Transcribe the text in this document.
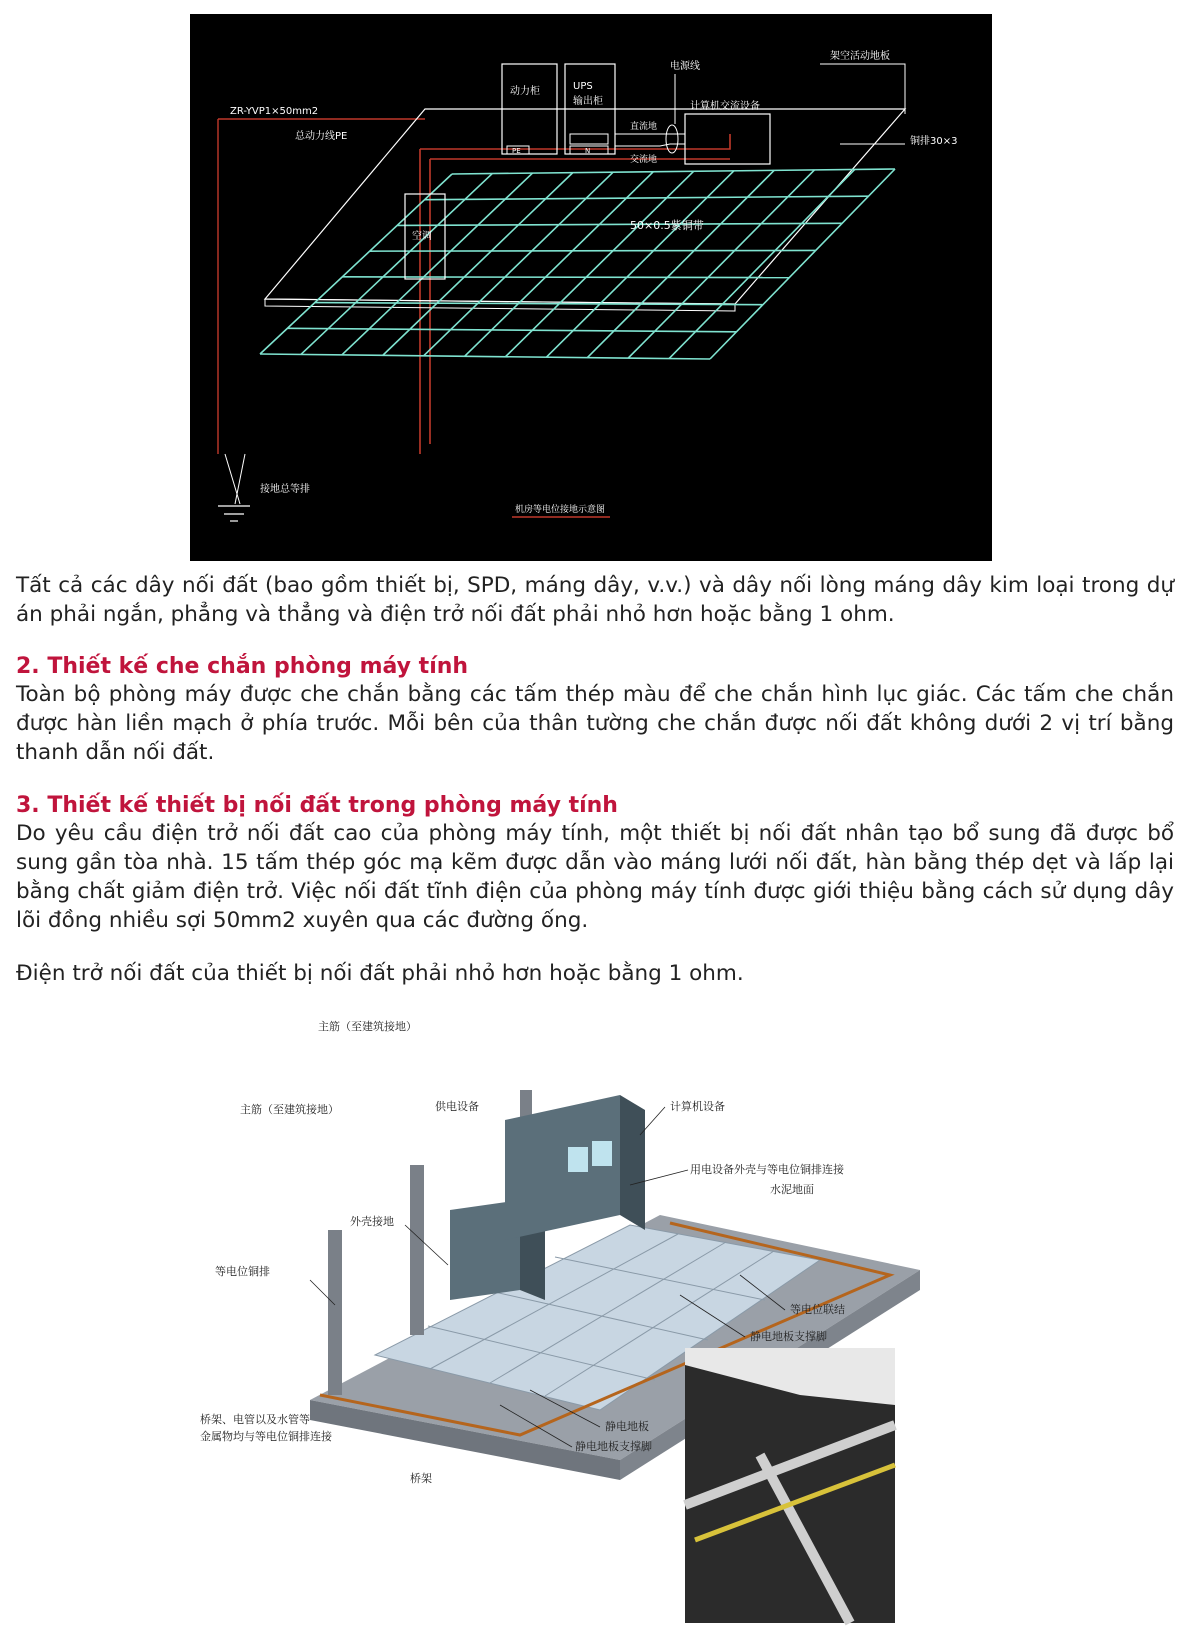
ZR-YVP1×50mm2
总动力线PE
动力柜	UPS
输出柜
PE	N
电源线
架空活动地板
计算机交流设备
直流地
交流地
铜排30×3
50×0.5紫铜带
空调
接地总等排
机房等电位接地示意图

Tất cả các dây nối đất (bao gồm thiết bị, SPD, máng dây, v.v.) và dây nối lòng máng dây kim loại trong dự án phải ngắn, phẳng và thẳng và điện trở nối đất phải nhỏ hơn hoặc bằng 1 ohm.

2. Thiết kế che chắn phòng máy tính

Toàn bộ phòng máy được che chắn bằng các tấm thép màu để che chắn hình lục giác. Các tấm che chắn được hàn liền mạch ở phía trước. Mỗi bên của thân tường che chắn được nối đất không dưới 2 vị trí bằng thanh dẫn nối đất.

3. Thiết kế thiết bị nối đất trong phòng máy tính

Do yêu cầu điện trở nối đất cao của phòng máy tính, một thiết bị nối đất nhân tạo bổ sung đã được bổ sung gần tòa nhà. 15 tấm thép góc mạ kẽm được dẫn vào máng lưới nối đất, hàn bằng thép dẹt và lấp lại bằng chất giảm điện trở. Việc nối đất tĩnh điện của phòng máy tính được giới thiệu bằng cách sử dụng dây lõi đồng nhiều sợi 50mm2 xuyên qua các đường ống.

Điện trở nối đất của thiết bị nối đất phải nhỏ hơn hoặc bằng 1 ohm.

主筋（至建筑接地）
主筋（至建筑接地）	供电设备	计算机设备
外壳接地
用电设备外壳与等电位铜排连接
水泥地面
等电位铜排
等电位联结
静电地板支撑脚
桥架、电管以及水管等
金属物均与等电位铜排连接
静电地板
静电地板支撑脚
桥架
